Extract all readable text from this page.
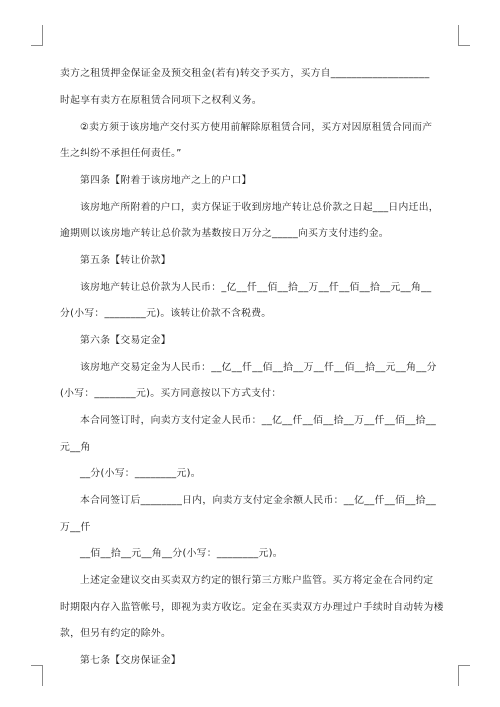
卖方之租赁押金保证金及预交租金(若有)转交予买方，买方自___________________
时起享有卖方在原租赁合同项下之权利义务。
②卖方须于该房地产交付买方使用前解除原租赁合同，买方对因原租赁合同而产
生之纠纷不承担任何责任。”
第四条【附着于该房地产之上的户口】
该房地产所附着的户口，卖方保证于收到房地产转让总价款之日起___日内迁出，
逾期则以该房地产转让总价款为基数按日万分之_____向买方支付违约金。
第五条【转让价款】
该房地产转让总价款为人民币：_亿__仟__佰__拾__万__仟__佰__拾__元__角__
分(小写：________元)。该转让价款不含税费。
第六条【交易定金】
该房地产交易定金为人民币：__亿__仟__佰__拾__万__仟__佰__拾__元__角__分
(小写：________元)。买方同意按以下方式支付：
本合同签订时，向卖方支付定金人民币：__亿__仟__佰__拾__万__仟__佰__拾__
元__角
__分(小写：________元)。
本合同签订后________日内，向卖方支付定金余额人民币：__亿__仟__佰__拾__
万__仟
__佰__拾__元__角__分(小写：________元)。
上述定金建议交由买卖双方约定的银行第三方账户监管。买方将定金在合同约定
时期限内存入监管帐号，即视为卖方收讫。定金在买卖双方办理过户手续时自动转为楼
款，但另有约定的除外。
第七条【交房保证金】
